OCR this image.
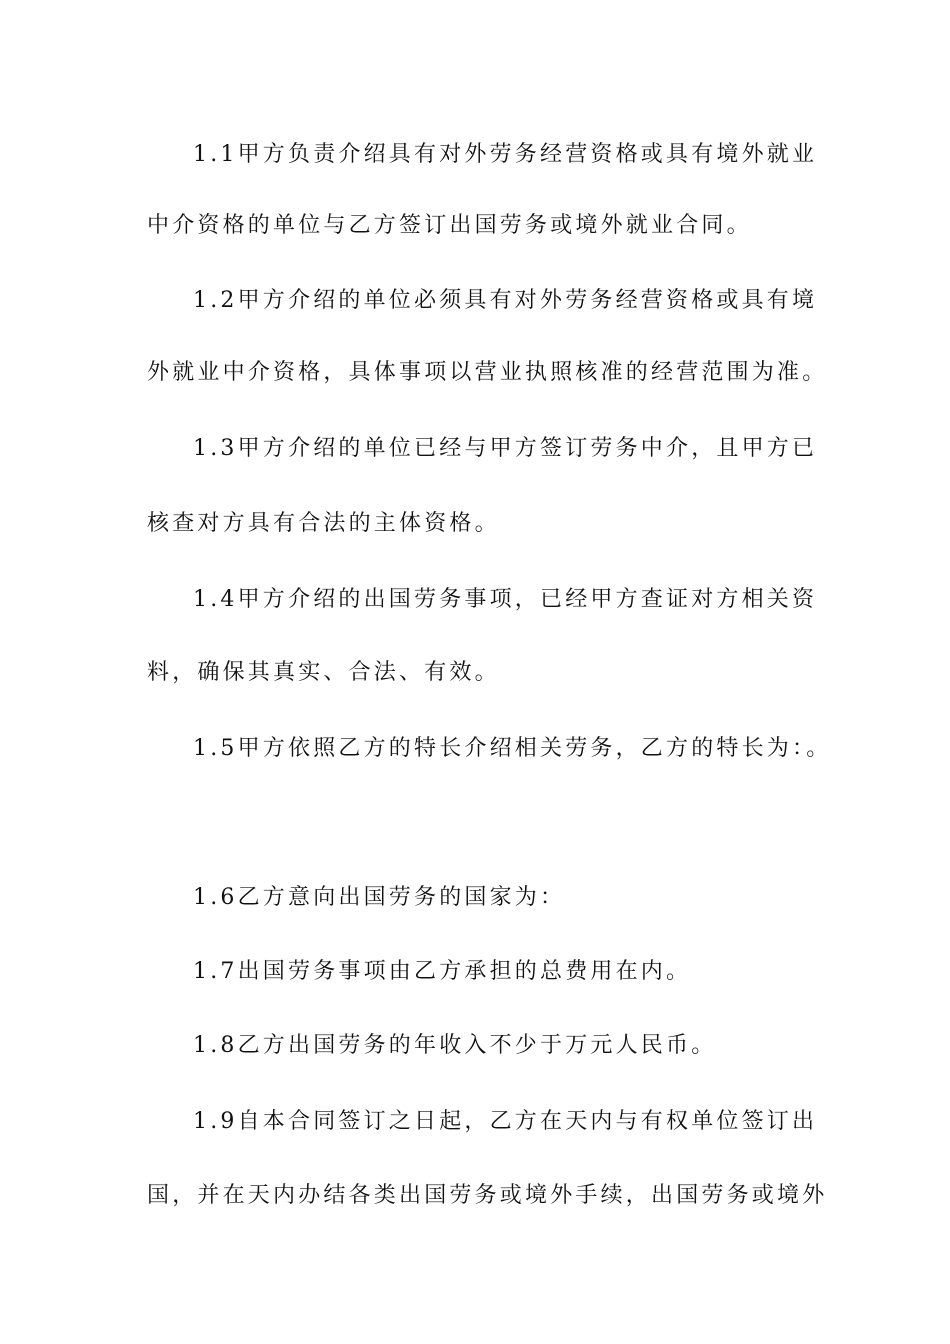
1.1甲方负责介绍具有对外劳务经营资格或具有境外就业
中介资格的单位与乙方签订出国劳务或境外就业合同。
1.2甲方介绍的单位必须具有对外劳务经营资格或具有境
外就业中介资格，具体事项以营业执照核准的经营范围为准。
1.3甲方介绍的单位已经与甲方签订劳务中介，且甲方已
核查对方具有合法的主体资格。
1.4甲方介绍的出国劳务事项，已经甲方查证对方相关资
料，确保其真实、合法、有效。
1.5甲方依照乙方的特长介绍相关劳务，乙方的特长为：。
1.6乙方意向出国劳务的国家为：
1.7出国劳务事项由乙方承担的总费用在内。
1.8乙方出国劳务的年收入不少于万元人民币。
1.9自本合同签订之日起，乙方在天内与有权单位签订出
国，并在天内办结各类出国劳务或境外手续，出国劳务或境外
